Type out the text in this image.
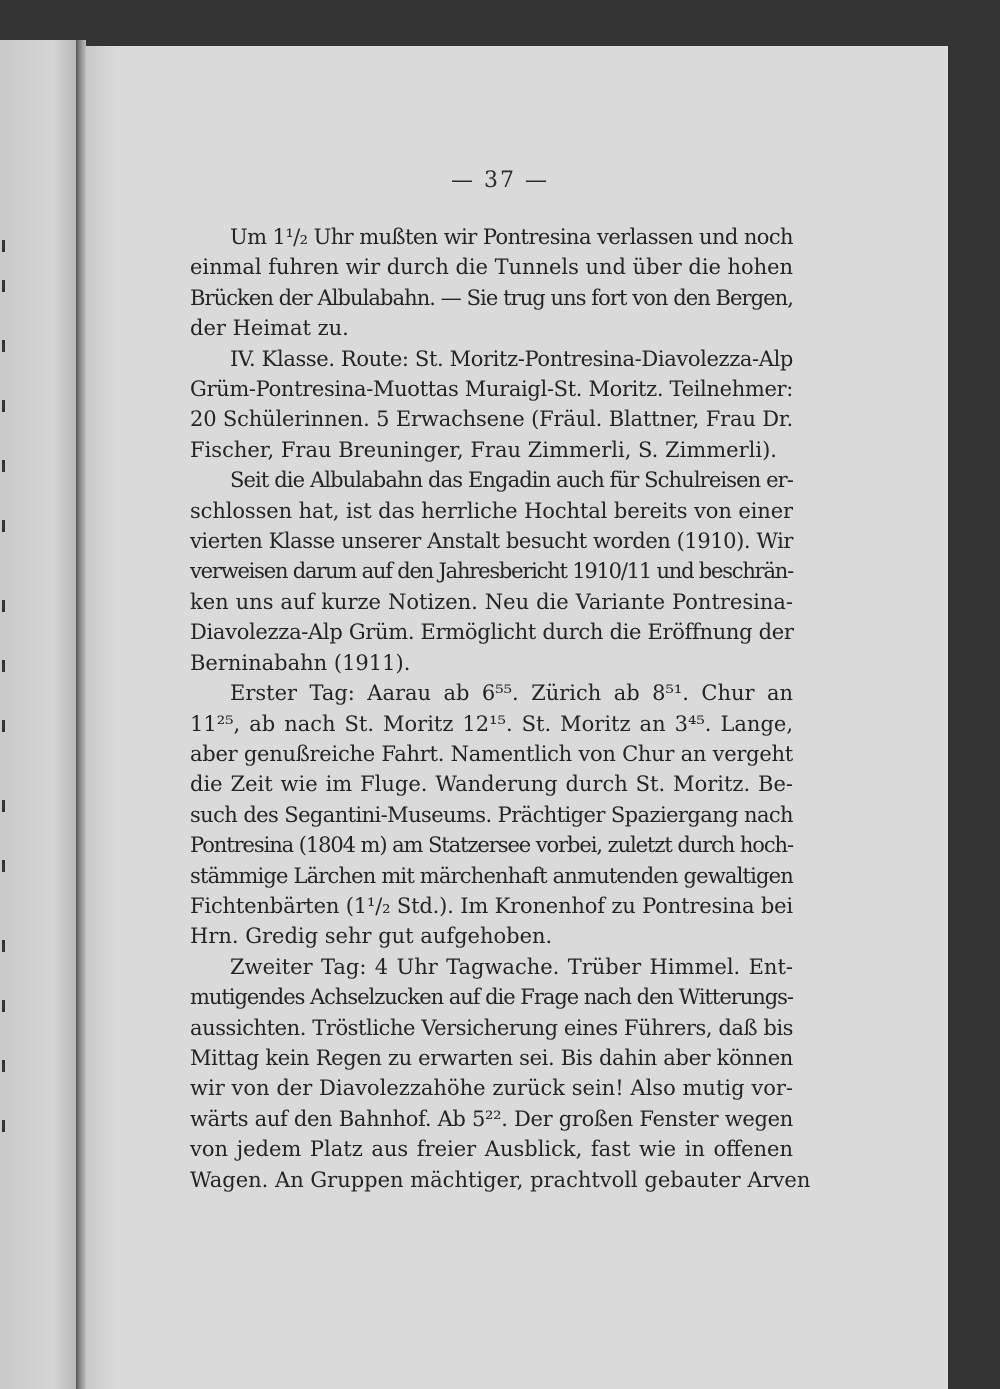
— 37 —

Um 1¹/₂ Uhr mußten wir Pontresina verlassen und noch
einmal fuhren wir durch die Tunnels und über die hohen
Brücken der Albulabahn. — Sie trug uns fort von den Bergen,
der Heimat zu.

IV. Klasse. Route: St. Moritz-Pontresina-Diavolezza-Alp
Grüm-Pontresina-Muottas Muraigl-St. Moritz. Teilnehmer:
20 Schülerinnen. 5 Erwachsene (Fräul. Blattner, Frau Dr.
Fischer, Frau Breuninger, Frau Zimmerli, S. Zimmerli).

Seit die Albulabahn das Engadin auch für Schulreisen er-
schlossen hat, ist das herrliche Hochtal bereits von einer
vierten Klasse unserer Anstalt besucht worden (1910). Wir
verweisen darum auf den Jahresbericht 1910/11 und beschrän-
ken uns auf kurze Notizen. Neu die Variante Pontresina-
Diavolezza-Alp Grüm. Ermöglicht durch die Eröffnung der
Berninabahn (1911).

Erster Tag: Aarau ab 6⁵⁵. Zürich ab 8⁵¹. Chur an
11²⁵, ab nach St. Moritz 12¹⁵. St. Moritz an 3⁴⁵. Lange,
aber genußreiche Fahrt. Namentlich von Chur an vergeht
die Zeit wie im Fluge. Wanderung durch St. Moritz. Be-
such des Segantini-Museums. Prächtiger Spaziergang nach
Pontresina (1804 m) am Statzersee vorbei, zuletzt durch hoch-
stämmige Lärchen mit märchenhaft anmutenden gewaltigen
Fichtenbärten (1¹/₂ Std.). Im Kronenhof zu Pontresina bei
Hrn. Gredig sehr gut aufgehoben.

Zweiter Tag: 4 Uhr Tagwache. Trüber Himmel. Ent-
mutigendes Achselzucken auf die Frage nach den Witterungs-
aussichten. Tröstliche Versicherung eines Führers, daß bis
Mittag kein Regen zu erwarten sei. Bis dahin aber können
wir von der Diavolezzahöhe zurück sein! Also mutig vor-
wärts auf den Bahnhof. Ab 5²². Der großen Fenster wegen
von jedem Platz aus freier Ausblick, fast wie in offenen
Wagen. An Gruppen mächtiger, prachtvoll gebauter Arven
